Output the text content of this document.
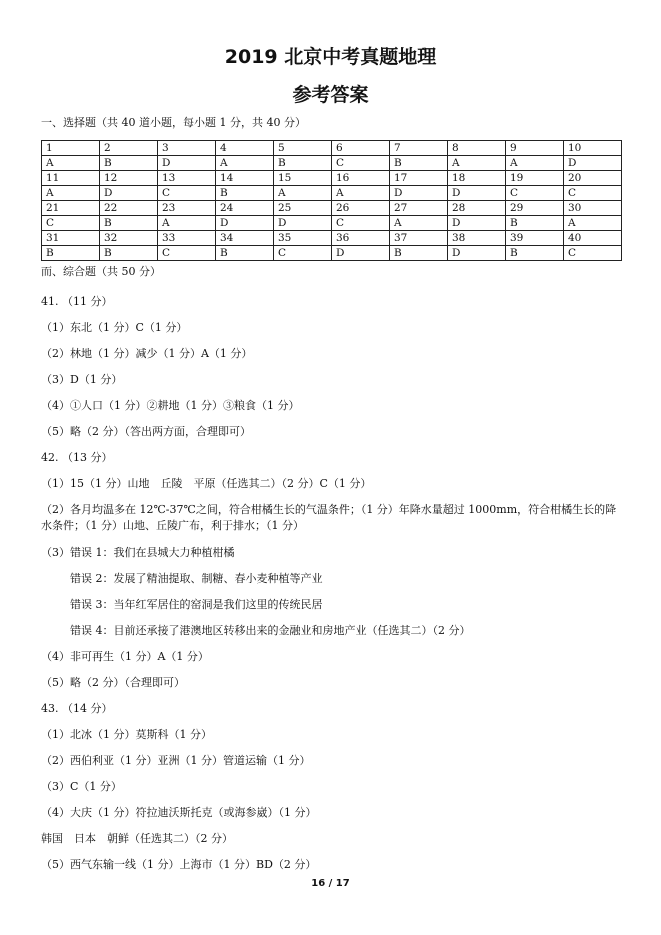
2019 北京中考真题地理
参考答案
一、选择题（共 40 道小题，每小题 1 分，共 40 分）
1	2	3	4	5	6	7	8	9	10
A	B	D	A	B	C	B	A	A	D
11	12	13	14	15	16	17	18	19	20
A	D	C	B	A	A	D	D	C	C
21	22	23	24	25	26	27	28	29	30
C	B	A	D	D	C	A	D	B	A
31	32	33	34	35	36	37	38	39	40
B	B	C	B	C	D	B	D	B	C
而、综合题（共 50 分）
41. （11 分）
（1）东北（1 分）C（1 分）
（2）林地（1 分）减少（1 分）A（1 分）
（3）D（1 分）
（4）①人口（1 分）②耕地（1 分）③粮食（1 分）
（5）略（2 分）（答出两方面，合理即可）
42. （13 分）
（1）15（1 分）山地　丘陵　平原（任选其二）（2 分）C（1 分）
（2）各月均温多在 12℃-37℃之间，符合柑橘生长的气温条件；（1 分）年降水量超过 1000mm，符合柑橘生长的降水条件；（1 分）山地、丘陵广布，利于排水；（1 分）
（3）错误 1：我们在县城大力种植柑橘
错误 2：发展了精油提取、制糖、春小麦种植等产业
错误 3：当年红军居住的窑洞是我们这里的传统民居
错误 4：目前还承接了港澳地区转移出来的金融业和房地产业（任选其二）（2 分）
（4）非可再生（1 分）A（1 分）
（5）略（2 分）（合理即可）
43. （14 分）
（1）北冰（1 分）莫斯科（1 分）
（2）西伯利亚（1 分）亚洲（1 分）管道运输（1 分）
（3）C（1 分）
（4）大庆（1 分）符拉迪沃斯托克（或海参崴）（1 分）
韩国　日本　朝鲜（任选其二）（2 分）
（5）西气东输一线（1 分）上海市（1 分）BD（2 分）
16 / 17
